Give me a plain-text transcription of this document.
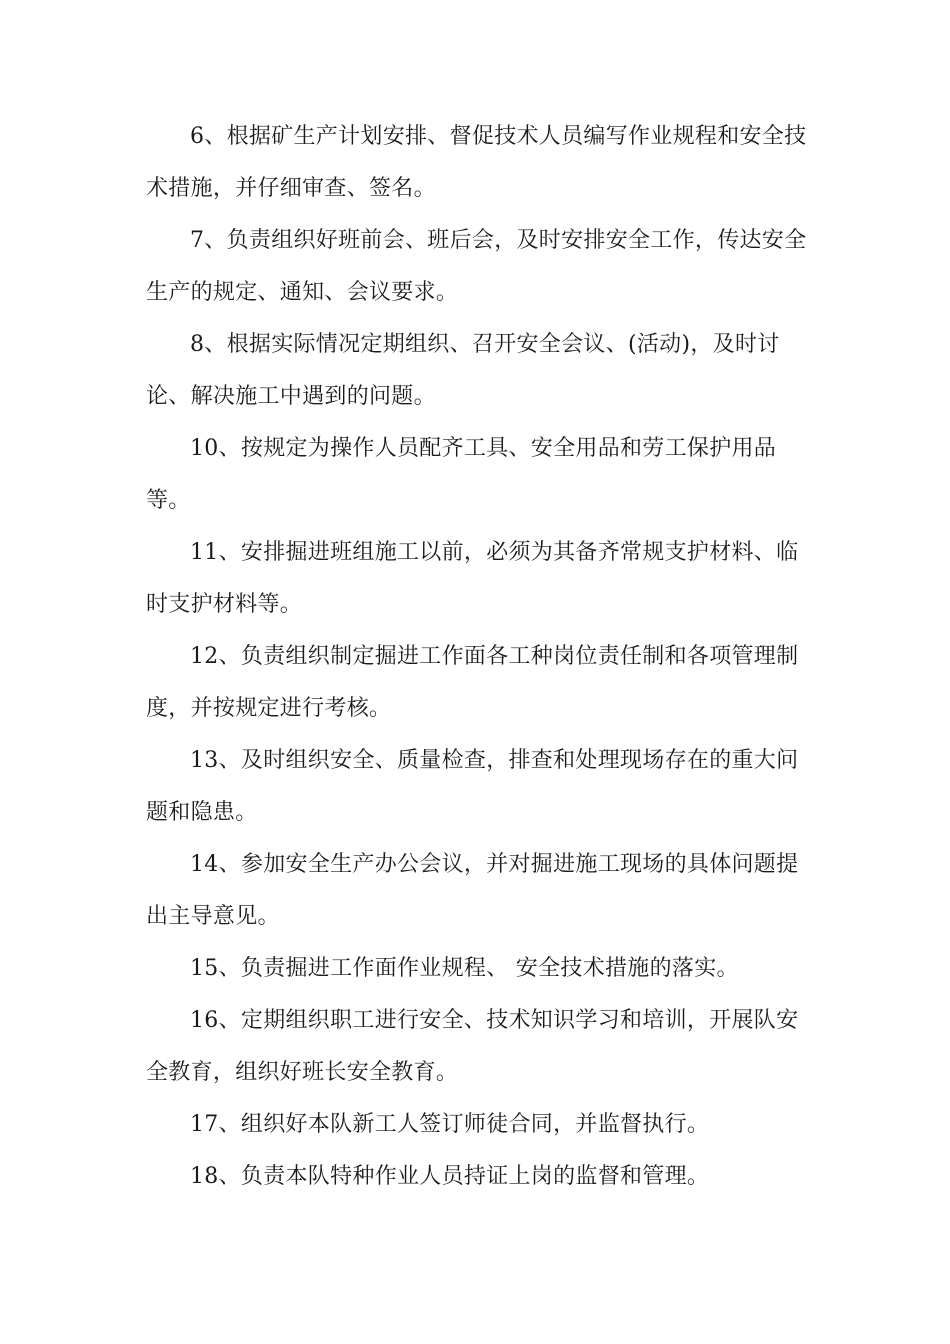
6、根据矿生产计划安排、督促技术人员编写作业规程和安全技术措施，并仔细审查、签名。

7、负责组织好班前会、班后会，及时安排安全工作，传达安全生产的规定、通知、会议要求。

8、根据实际情况定期组织、召开安全会议、(活动)，及时讨论、解决施工中遇到的问题。

10、按规定为操作人员配齐工具、安全用品和劳工保护用品等。

11、安排掘进班组施工以前，必须为其备齐常规支护材料、临时支护材料等。

12、负责组织制定掘进工作面各工种岗位责任制和各项管理制度，并按规定进行考核。

13、及时组织安全、质量检查，排查和处理现场存在的重大问题和隐患。

14、参加安全生产办公会议，并对掘进施工现场的具体问题提出主导意见。

15、负责掘进工作面作业规程、 安全技术措施的落实。

16、定期组织职工进行安全、技术知识学习和培训，开展队安全教育，组织好班长安全教育。

17、组织好本队新工人签订师徒合同，并监督执行。

18、负责本队特种作业人员持证上岗的监督和管理。
